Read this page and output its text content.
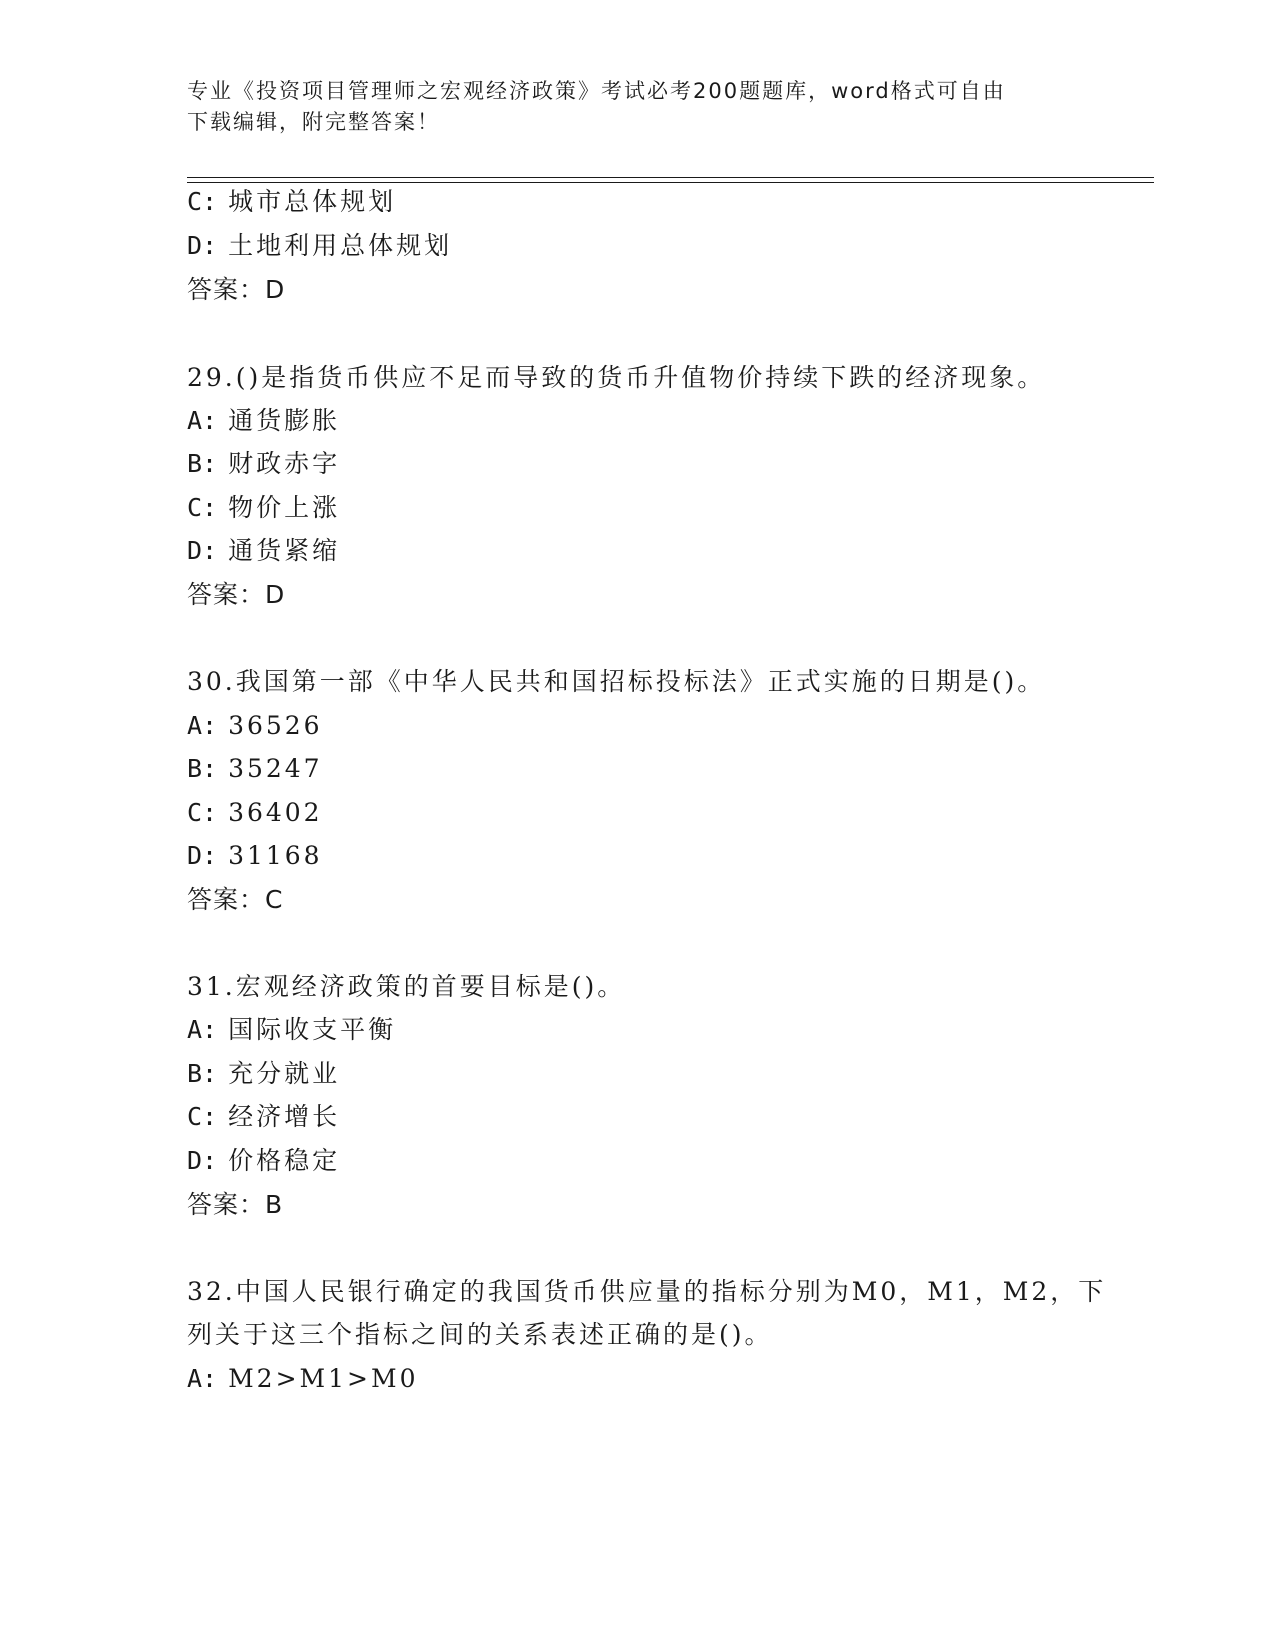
专业《投资项目管理师之宏观经济政策》考试必考200题题库，word格式可自由
下载编辑，附完整答案！
C: 城市总体规划
D: 土地利用总体规划
答案：D
29.()是指货币供应不足而导致的货币升值物价持续下跌的经济现象。
A: 通货膨胀
B: 财政赤字
C: 物价上涨
D: 通货紧缩
答案：D
30.我国第一部《中华人民共和国招标投标法》正式实施的日期是()。
A: 36526
B: 35247
C: 36402
D: 31168
答案：C
31.宏观经济政策的首要目标是()。
A: 国际收支平衡
B: 充分就业
C: 经济增长
D: 价格稳定
答案：B
32.中国人民银行确定的我国货币供应量的指标分别为M0，M1，M2，下
列关于这三个指标之间的关系表述正确的是()。
A: M2>M1>M0
